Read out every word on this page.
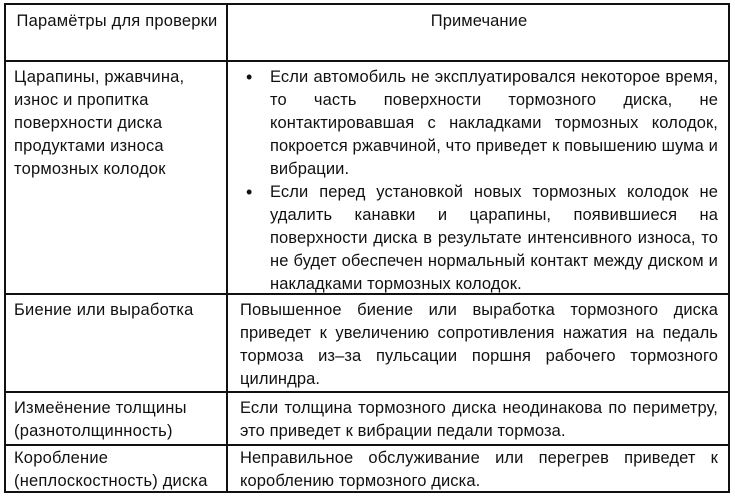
Парамётры для проверки	Примечание
Царапины, ржавчина, износ и пропитка поверхности диска продуктами износа тормозных колодок
• Если автомобиль не эксплуатировался некоторое время, то часть поверхности тормозного диска, не контактировавшая с накладками тормозных колодок, покроется ржавчиной, что приведет к повышению шума и вибрации.
• Если перед установкой новых тормозных колодок не удалить канавки и царапины, появившиеся на поверхности диска в результате интенсивного износа, то не будет обеспечен нормальный контакт между диском и накладками тормозных колодок.
Биение или выработка	Повышенное биение или выработка тормозного диска приведет к увеличению сопротивления нажатия на педаль тормоза из–за пульсации поршня рабочего тормозного цилиндра.
Измеёнение толщины (разнотолщинность)
Если толщина тормозного диска неодинакова по периметру, это приведет к вибрации педали тормоза.
Коробление (неплоскостность) диска
Неправильное обслуживание или перегрев приведет к короблению тормозного диска.
